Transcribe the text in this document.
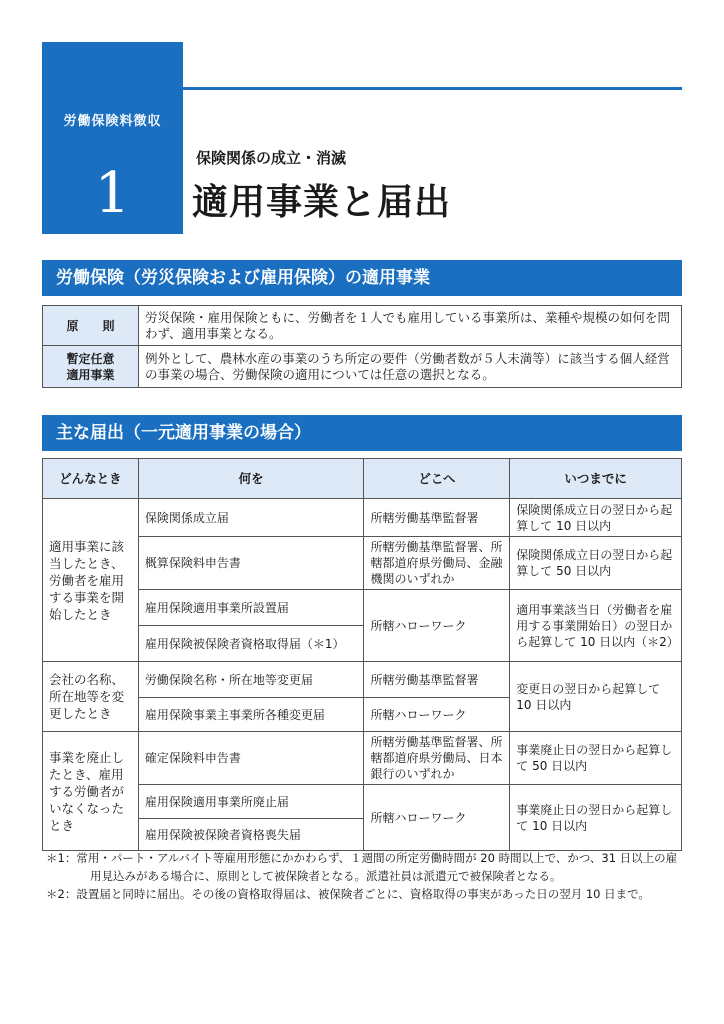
労働保険料徴収
1
保険関係の成立・消滅
適用事業と届出
労働保険（労災保険および雇用保険）の適用事業
原　　則	労災保険・雇用保険ともに、労働者を１人でも雇用している事業所は、業種や規模の如何を問わず、適用事業となる。

暫定任意
適用事業	例外として、農林水産の事業のうち所定の要件（労働者数が５人未満等）に該当する個人経営の事業の場合、労働保険の適用については任意の選択となる。
主な届出（一元適用事業の場合）
どんなとき	何を	どこへ	いつまでに
適用事業に該当したとき、労働者を雇用する事業を開始したとき	保険関係成立届	所轄労働基準監督署	保険関係成立日の翌日から起算して 10 日以内
	概算保険料申告書	所轄労働基準監督署、所轄都道府県労働局、金融機関のいずれか	保険関係成立日の翌日から起算して 50 日以内
	雇用保険適用事業所設置届	所轄ハローワーク	適用事業該当日（労働者を雇用する事業開始日）の翌日から起算して 10 日以内（＊2）
	雇用保険被保険者資格取得届（＊1）		
会社の名称、所在地等を変更したとき	労働保険名称・所在地等変更届	所轄労働基準監督署	変更日の翌日から起算して 10 日以内
	雇用保険事業主事業所各種変更届	所轄ハローワーク	
事業を廃止したとき、雇用する労働者がいなくなったとき	確定保険料申告書	所轄労働基準監督署、所轄都道府県労働局、日本銀行のいずれか	事業廃止日の翌日から起算して 50 日以内
	雇用保険適用事業所廃止届	所轄ハローワーク	事業廃止日の翌日から起算して 10 日以内
	雇用保険被保険者資格喪失届		
＊1：常用・パート・アルバイト等雇用形態にかかわらず、１週間の所定労働時間が 20 時間以上で、かつ、31 日以上の雇用見込みがある場合に、原則として被保険者となる。派遣社員は派遣元で被保険者となる。
＊2：設置届と同時に届出。その後の資格取得届は、被保険者ごとに、資格取得の事実があった日の翌月 10 日まで。
